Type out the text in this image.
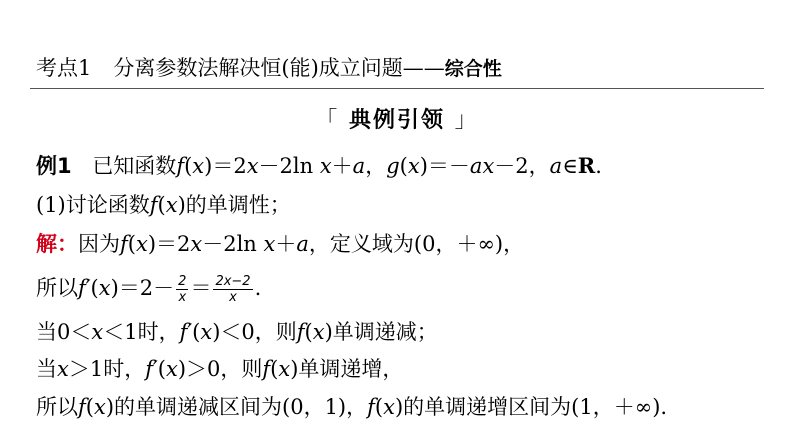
考点1 分离参数法解决恒(能)成立问题——综合性
「 典例引领 」
例1 已知函数f(x)＝2x－2ln x＋a，g(x)＝－ax－2，a∈R.
(1)讨论函数f(x)的单调性；
解：因为f(x)＝2x－2ln x＋a，定义域为(0，＋∞)，
所以$f'(x)=2- \frac{2}{x} = \frac{2x-2}{x}$ .
当0＜x＜1时，f′(x)＜0，则f(x)单调递减；
当x＞1时，f′(x)＞0，则f(x)单调递增，
所以f(x)的单调递减区间为(0，1)，f(x)的单调递增区间为(1，＋∞).
